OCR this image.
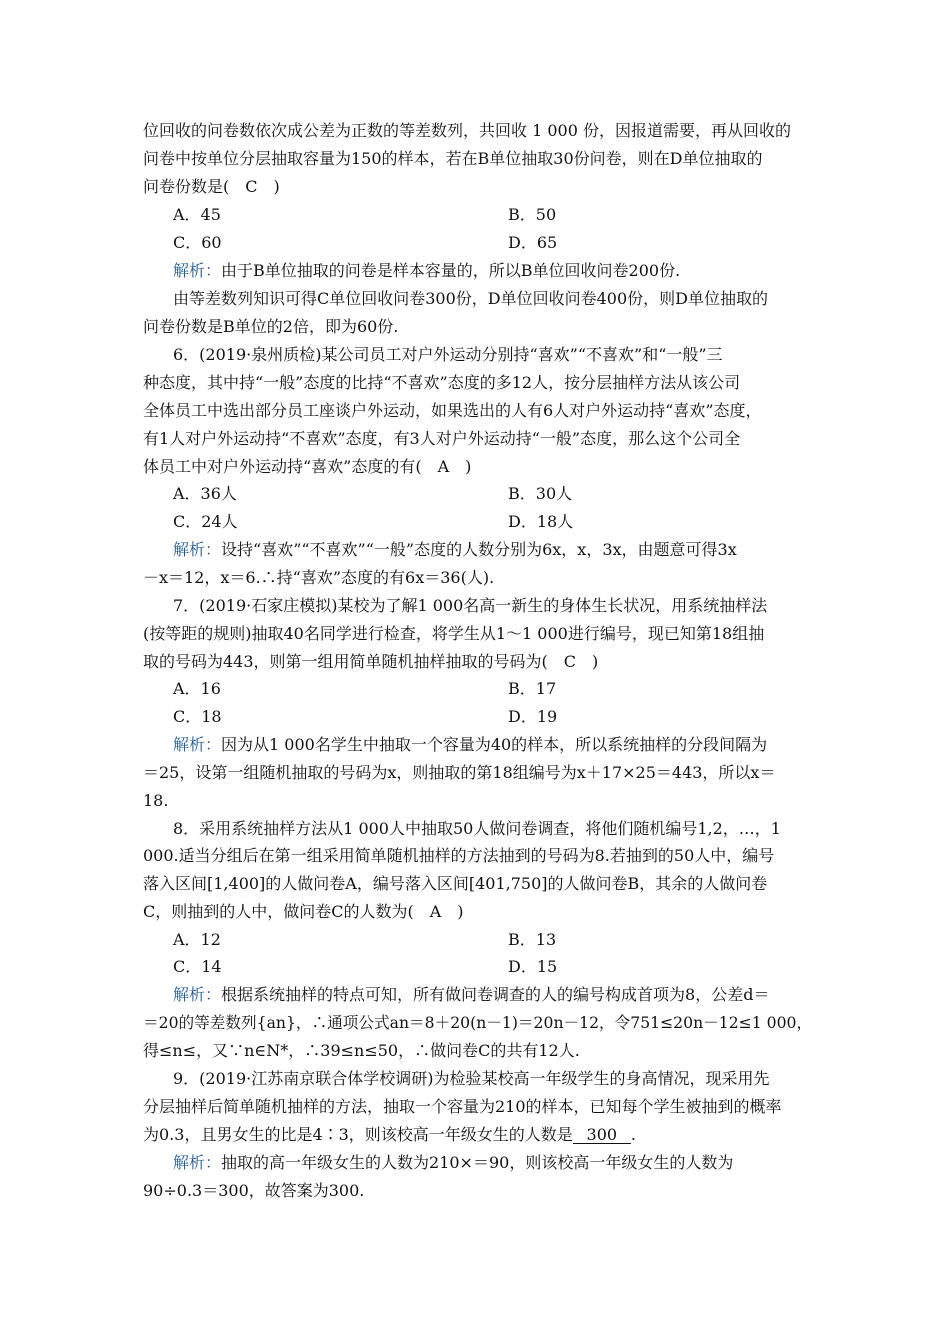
位回收的问卷数依次成公差为正数的等差数列，共回收 1 000 份，因报道需要，再从回收的
问卷中按单位分层抽取容量为150的样本，若在B单位抽取30份问卷，则在D单位抽取的
问卷份数是(　C　)
A．45	B．50
C．60	D．65
解析：由于B单位抽取的问卷是样本容量的，所以B单位回收问卷200份.
由等差数列知识可得C单位回收问卷300份，D单位回收问卷400份，则D单位抽取的
问卷份数是B单位的2倍，即为60份.
6．(2019·泉州质检)某公司员工对户外运动分别持“喜欢”“不喜欢”和“一般”三
种态度，其中持“一般”态度的比持“不喜欢”态度的多12人，按分层抽样方法从该公司
全体员工中选出部分员工座谈户外运动，如果选出的人有6人对户外运动持“喜欢”态度，
有1人对户外运动持“不喜欢”态度，有3人对户外运动持“一般”态度，那么这个公司全
体员工中对户外运动持“喜欢”态度的有(　A　)
A．36人	B．30人
C．24人	D．18人
解析：设持“喜欢”“不喜欢”“一般”态度的人数分别为6x，x，3x，由题意可得3x
－x＝12，x＝6.∴持“喜欢”态度的有6x＝36(人).
7．(2019·石家庄模拟)某校为了解1 000名高一新生的身体生长状况，用系统抽样法
(按等距的规则)抽取40名同学进行检查，将学生从1～1 000进行编号，现已知第18组抽
取的号码为443，则第一组用简单随机抽样抽取的号码为(　C　)
A．16	B．17
C．18	D．19
解析：因为从1 000名学生中抽取一个容量为40的样本，所以系统抽样的分段间隔为
＝25，设第一组随机抽取的号码为x，则抽取的第18组编号为x＋17×25＝443，所以x＝
18.
8．采用系统抽样方法从1 000人中抽取50人做问卷调查，将他们随机编号1,2，…，1
000.适当分组后在第一组采用简单随机抽样的方法抽到的号码为8.若抽到的50人中，编号
落入区间[1,400]的人做问卷A，编号落入区间[401,750]的人做问卷B，其余的人做问卷
C，则抽到的人中，做问卷C的人数为(　A　)
A．12	B．13
C．14	D．15
解析：根据系统抽样的特点可知，所有做问卷调查的人的编号构成首项为8，公差d＝
＝20的等差数列{an}，∴通项公式an＝8＋20(n－1)＝20n－12，令751≤20n－12≤1 000，
得≤n≤，又∵n∈N*，∴39≤n≤50，∴做问卷C的共有12人.
9．(2019·江苏南京联合体学校调研)为检验某校高一年级学生的身高情况，现采用先
分层抽样后简单随机抽样的方法，抽取一个容量为210的样本，已知每个学生被抽到的概率
为0.3，且男女生的比是4∶3，则该校高一年级女生的人数是 300 .
解析：抽取的高一年级女生的人数为210×＝90，则该校高一年级女生的人数为
90÷0.3＝300，故答案为300.
